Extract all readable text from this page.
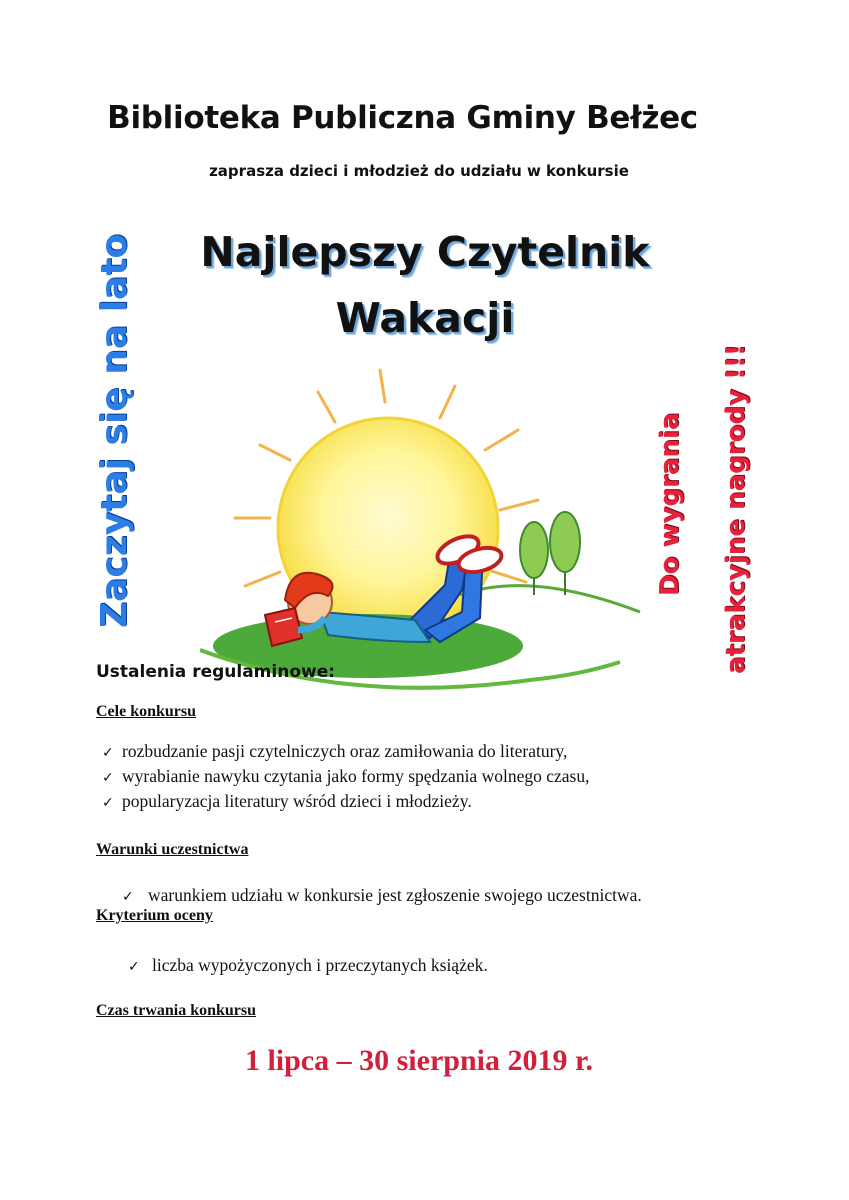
Biblioteka Publiczna Gminy Bełżec
zaprasza dzieci i młodzież do udziału w konkursie
Najlepszy Czytelnik
Wakacji
Zaczytaj się na lato	Do wygrania atrakcyjne nagrody !!!
Ustalenia regulaminowe:
Cele konkursu
✓ rozbudzanie pasji czytelniczych oraz zamiłowania do literatury,
✓ wyrabianie nawyku czytania jako formy spędzania wolnego czasu,
✓ popularyzacja literatury wśród dzieci i młodzieży.
Warunki uczestnictwa
✓ warunkiem udziału w konkursie jest zgłoszenie swojego uczestnictwa.
Kryterium oceny
✓ liczba wypożyczonych i przeczytanych książek.
Czas trwania konkursu
1 lipca – 30 sierpnia 2019 r.
